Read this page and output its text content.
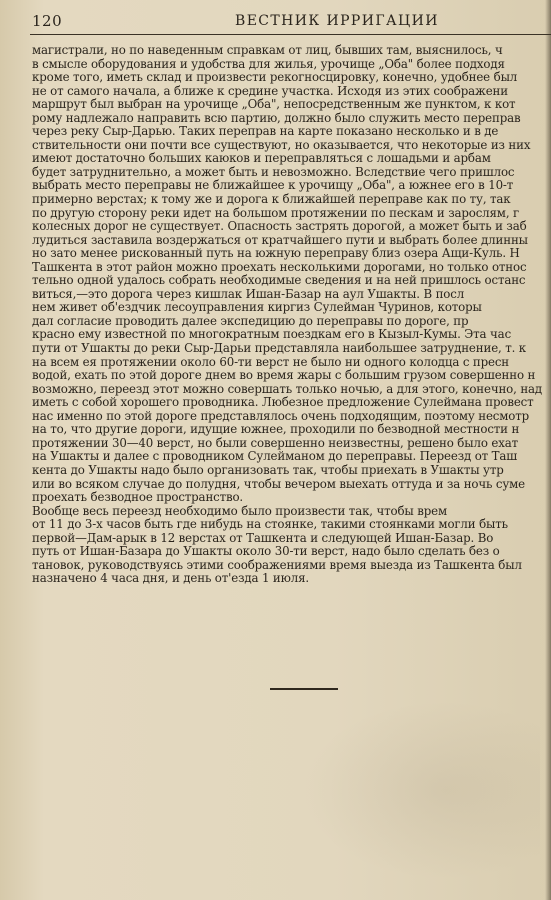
120	ВЕСТНИК ИРРИГАЦИИ
магистрали, но по наведенным справкам от лиц, бывших там, выяснилось, ч
в смысле оборудования и удобства для жилья, урочище „Оба" более подходя
кроме того, иметь склад и произвести рекогносцировку, конечно, удобнее был
не от самого начала, а ближе к средине участка. Исходя из этих соображени
маршрут был выбран на урочище „Оба", непосредственным же пунктом, к кот
рому надлежало направить всю партию, должно было служить место переправ
через реку Сыр-Дарью. Таких переправ на карте показано несколько и в де
ствительности они почти все существуют, но оказывается, что некоторые из них
имеют достаточно больших каюков и переправляться с лошадьми и арбам
будет затруднительно, а может быть и невозможно. Вследствие чего пришлос
выбрать место переправы не ближайшее к урочищу „Оба", а южнее его в 10-т
примерно верстах; к тому же и дорога к ближайшей переправе как по ту, так
по другую сторону реки идет на большом протяжении по пескам и зарослям, г
колесных дорог не существует. Опасность застрять дорогой, а может быть и заб
лудиться заставила воздержаться от кратчайшего пути и выбрать более длинны
но зато менее рискованный путь на южную переправу близ озера Ащи-Куль. Н
Ташкента в этот район можно проехать несколькими дорогами, но только относ
тельно одной удалось собрать необходимые сведения и на ней пришлось останс
виться,—это дорога через кишлак Ишан-Базар на аул Ушакты. В посл
нем живет об'ездчик лесоуправления киргиз Сулейман Чуринов, которы
дал согласие проводить далее экспедицию до переправы по дороге, пр
красно ему известной по многократным поездкам его в Кызыл-Кумы. Эта час
пути от Ушакты до реки Сыр-Дарьи представляла наибольшее затруднение, т. к
на всем ея протяжении около 60-ти верст не было ни одного колодца с пресн
водой, ехать по этой дороге днем во время жары с большим грузом совершенно н
возможно, переезд этот можно совершать только ночью, а для этого, конечно, над
иметь с собой хорошего проводника. Любезное предложение Сулеймана провест
нас именно по этой дороге представлялось очень подходящим, поэтому несмотр
на то, что другие дороги, идущие южнее, проходили по безводной местности н
протяжении 30—40 верст, но были совершенно неизвестны, решено было ехат
на Ушакты и далее с проводником Сулейманом до переправы. Переезд от Таш
кента до Ушакты надо было организовать так, чтобы приехать в Ушакты утр
или во всяком случае до полудня, чтобы вечером выехать оттуда и за ночь суме
проехать безводное пространство.
Вообще весь переезд необходимо было произвести так, чтобы врем
от 11 до 3-х часов быть где нибудь на стоянке, такими стоянками могли быть
первой—Дам-арык в 12 верстах от Ташкента и следующей Ишан-Базар. Во
путь от Ишан-Базара до Ушакты около 30-ти верст, надо было сделать без о
тановок, руководствуясь этими соображениями время выезда из Ташкента был
назначено 4 часа дня, и день от'езда 1 июля.
